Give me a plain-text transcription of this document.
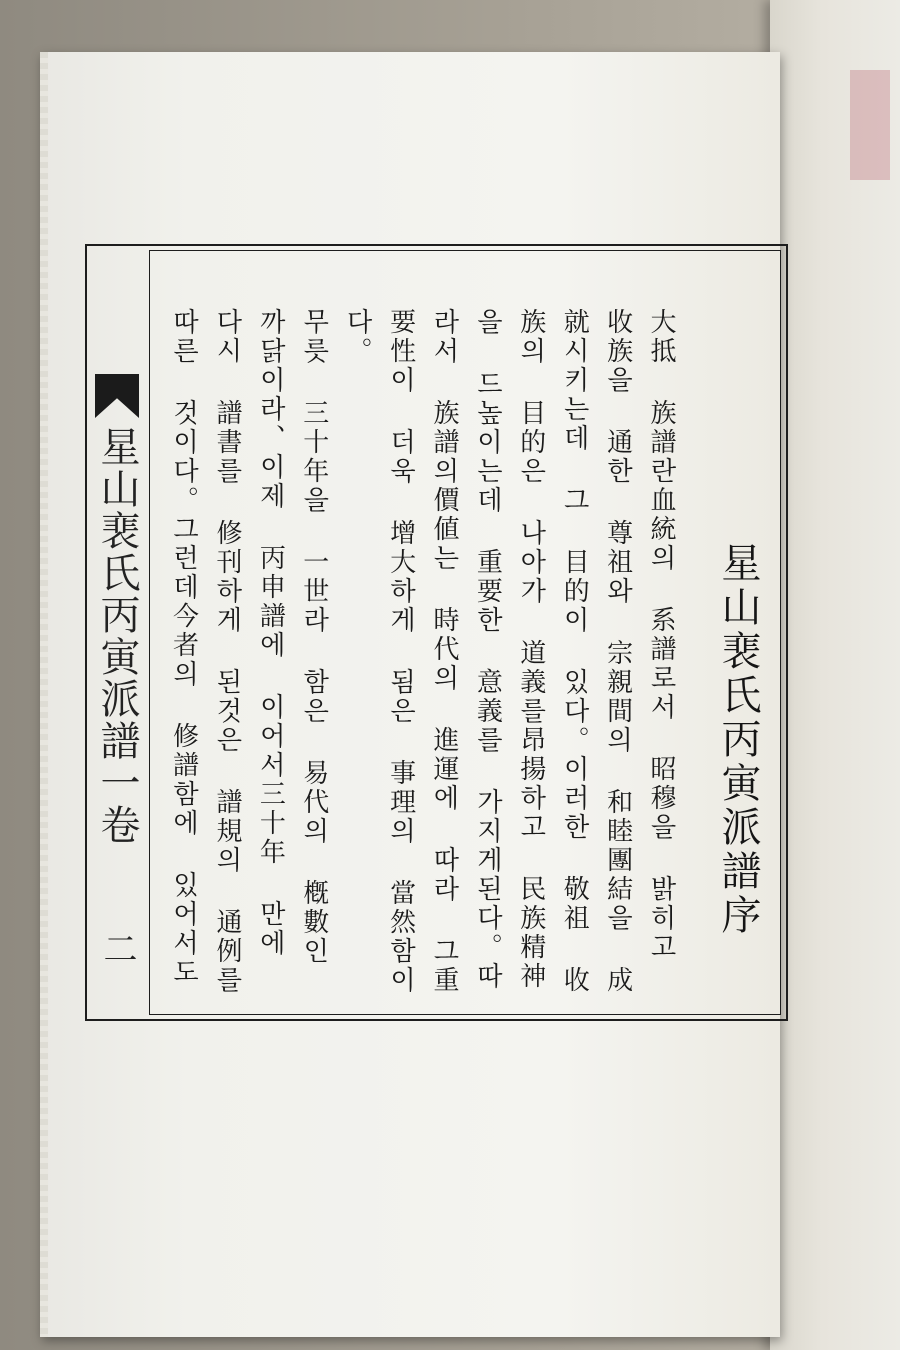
星山裵氏丙寅派譜一卷
二
星山裵氏丙寅派譜序

大抵 族譜란血統의 系譜로서 昭穆을 밝히고 收族을 通한 尊祖와 宗親間의 和睦團結을 成就시키는데 그 目的이 있다。이러한 敬祖 收族의 目的은 나아가 道義를昂揚하고 民族精神을 드높이는데 重要한 意義를 가지게된다。따라서 族譜의價値는 時代의 進運에 따라 그重要性이 더욱 增大하게 됨은 事理의 當然함이다。

무릇 三十年을 一世라 함은 易代의 槪數인 까닭이라、이제 丙申譜에 이어서三十年 만에 다시 譜書를 修刊하게 된것은 譜規의 通例를 따른 것이다。그런데今者의 修譜함에 있어서도
